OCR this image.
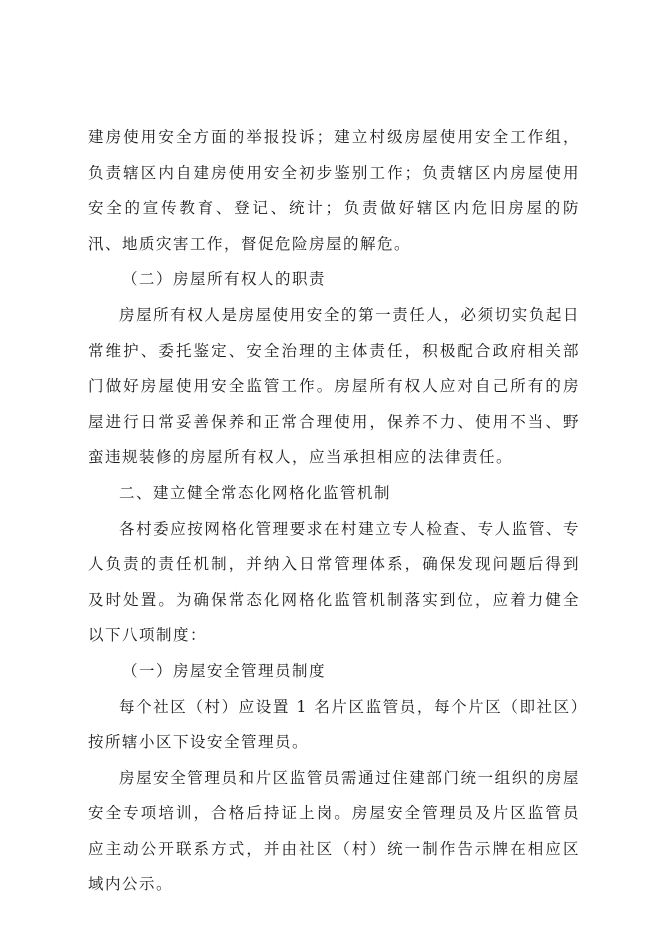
建房使用安全方面的举报投诉；建立村级房屋使用安全工作组，负责辖区内自建房使用安全初步鉴别工作；负责辖区内房屋使用安全的宣传教育、登记、统计；负责做好辖区内危旧房屋的防汛、地质灾害工作，督促危险房屋的解危。

（二）房屋所有权人的职责

房屋所有权人是房屋使用安全的第一责任人，必须切实负起日常维护、委托鉴定、安全治理的主体责任，积极配合政府相关部门做好房屋使用安全监管工作。房屋所有权人应对自己所有的房屋进行日常妥善保养和正常合理使用，保养不力、使用不当、野蛮违规装修的房屋所有权人，应当承担相应的法律责任。

二、建立健全常态化网格化监管机制

各村委应按网格化管理要求在村建立专人检查、专人监管、专人负责的责任机制，并纳入日常管理体系，确保发现问题后得到及时处置。为确保常态化网格化监管机制落实到位，应着力健全以下八项制度：

（一）房屋安全管理员制度

每个社区（村）应设置 1 名片区监管员，每个片区（即社区）按所辖小区下设安全管理员。

房屋安全管理员和片区监管员需通过住建部门统一组织的房屋安全专项培训，合格后持证上岗。房屋安全管理员及片区监管员应主动公开联系方式，并由社区（村）统一制作告示牌在相应区域内公示。
